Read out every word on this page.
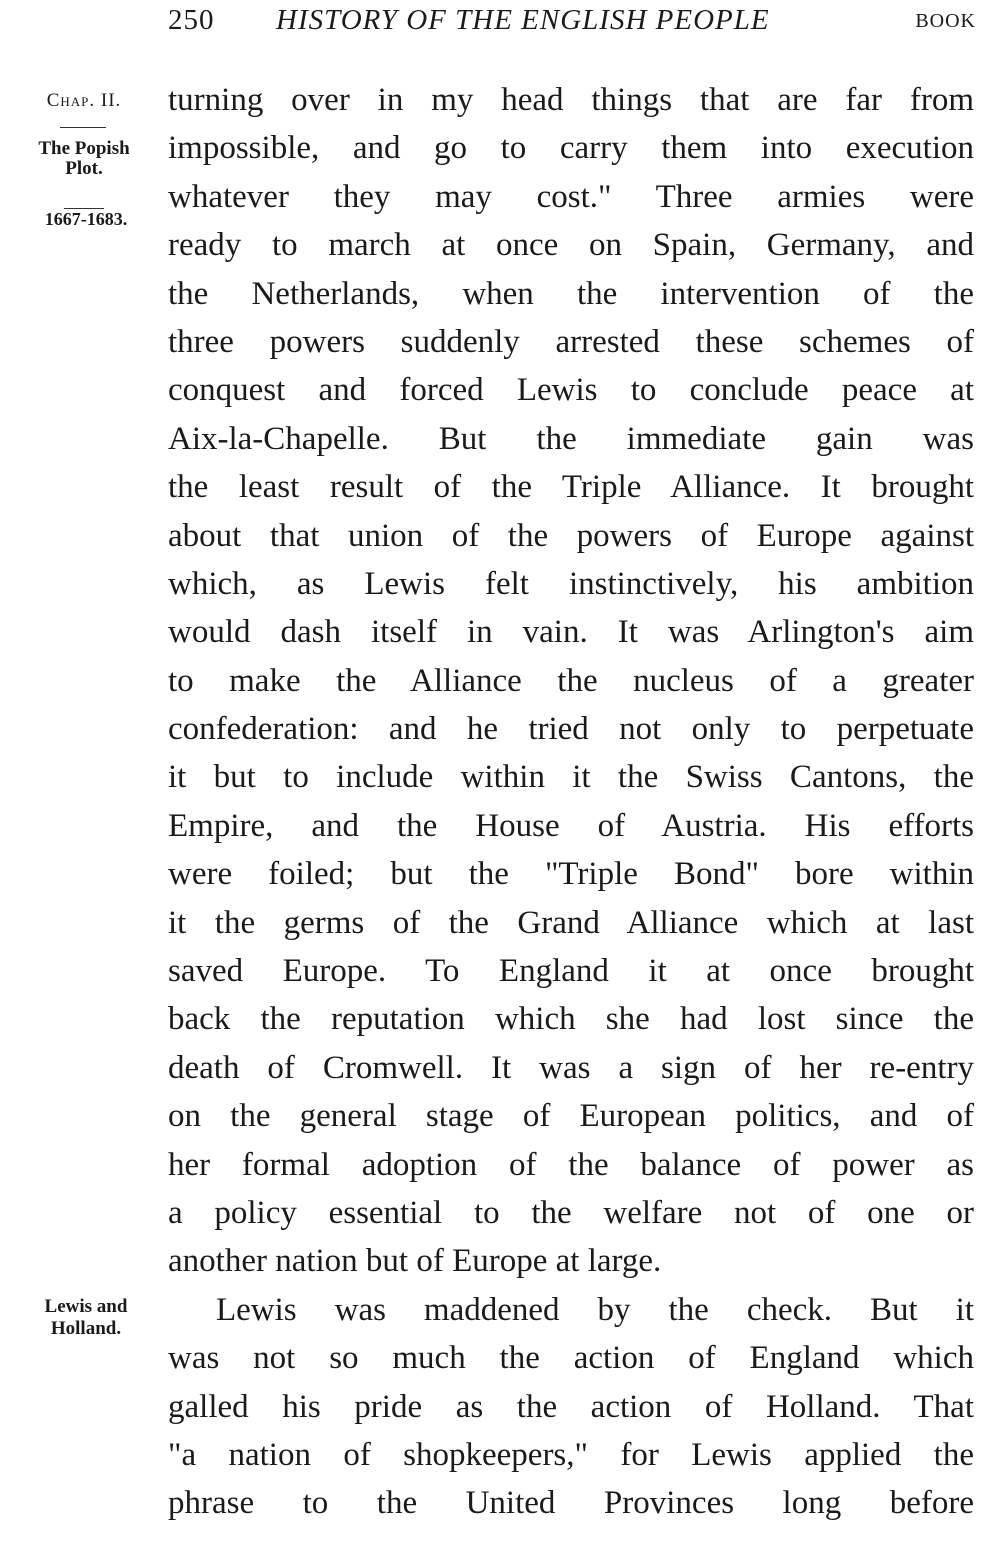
250 HISTORY OF THE ENGLISH PEOPLE	BOOK
Chap. II.
The Popish
Plot.
1667-1683.
Lewis and
Holland.
turning over in my head things that are far from
impossible, and go to carry them into execution
whatever they may cost." Three armies were
ready to march at once on Spain, Germany, and
the Netherlands, when the intervention of the
three powers suddenly arrested these schemes of
conquest and forced Lewis to conclude peace at
Aix-la-Chapelle. But the immediate gain was
the least result of the Triple Alliance. It brought
about that union of the powers of Europe against
which, as Lewis felt instinctively, his ambition
would dash itself in vain. It was Arlington's aim
to make the Alliance the nucleus of a greater
confederation: and he tried not only to perpetuate
it but to include within it the Swiss Cantons, the
Empire, and the House of Austria. His efforts
were foiled; but the "Triple Bond" bore within
it the germs of the Grand Alliance which at last
saved Europe. To England it at once brought
back the reputation which she had lost since the
death of Cromwell. It was a sign of her re-entry
on the general stage of European politics, and of
her formal adoption of the balance of power as
a policy essential to the welfare not of one or
another nation but of Europe at large.
Lewis was maddened by the check. But it
was not so much the action of England which
galled his pride as the action of Holland. That
"a nation of shopkeepers," for Lewis applied the
phrase to the United Provinces long before
